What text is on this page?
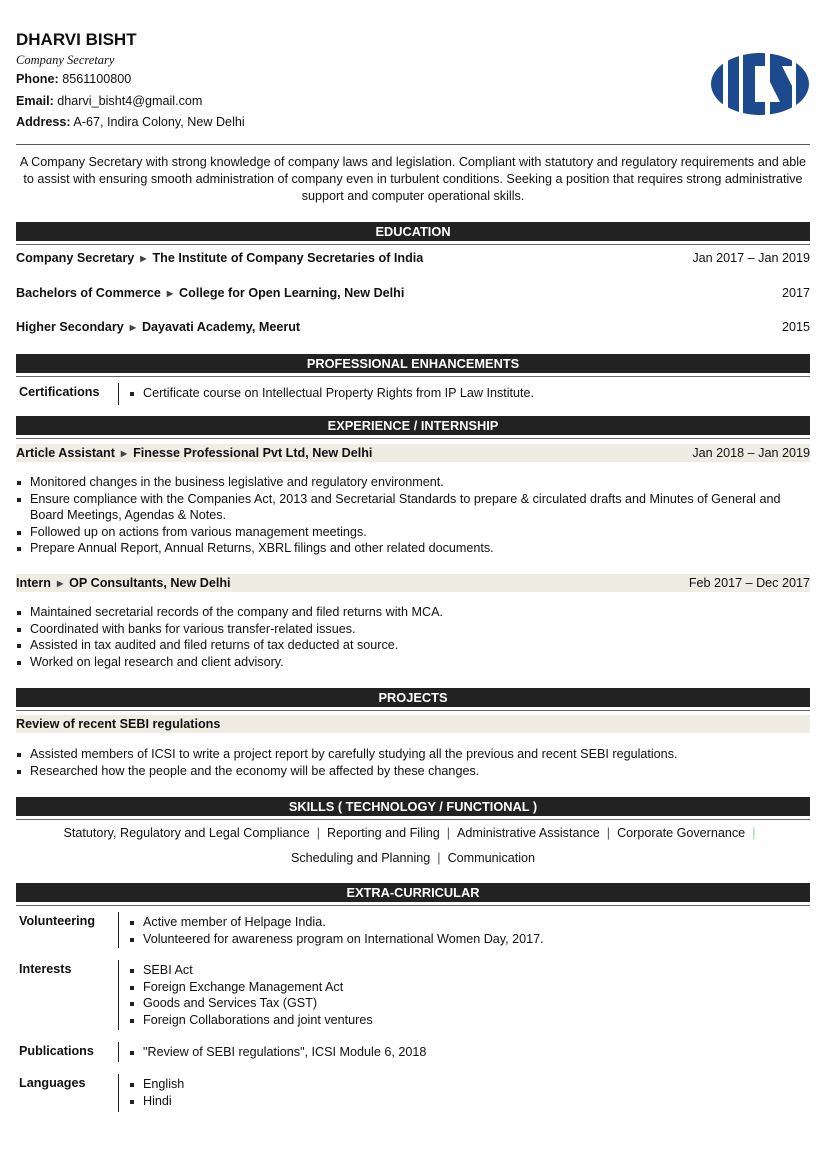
DHARVI BISHT
Company Secretary
Phone: 8561100800
Email: dharvi_bisht4@gmail.com
Address: A-67, Indira Colony, New Delhi
A Company Secretary with strong knowledge of company laws and legislation. Compliant with statutory and regulatory requirements and able to assist with ensuring smooth administration of company even in turbulent conditions. Seeking a position that requires strong administrative support and computer operational skills.
EDUCATION
Company Secretary ▶ The Institute of Company Secretaries of India	Jan 2017 – Jan 2019
Bachelors of Commerce ▶ College for Open Learning, New Delhi	2017
Higher Secondary ▶ Dayavati Academy, Meerut	2015
PROFESSIONAL ENHANCEMENTS
Certifications	Certificate course on Intellectual Property Rights from IP Law Institute.
EXPERIENCE / INTERNSHIP
Article Assistant ▶ Finesse Professional Pvt Ltd, New Delhi	Jan 2018 – Jan 2019
Monitored changes in the business legislative and regulatory environment.
Ensure compliance with the Companies Act, 2013 and Secretarial Standards to prepare & circulated drafts and Minutes of General and Board Meetings, Agendas & Notes.
Followed up on actions from various management meetings.
Prepare Annual Report, Annual Returns, XBRL filings and other related documents.
Intern ▶ OP Consultants, New Delhi	Feb 2017 – Dec 2017
Maintained secretarial records of the company and filed returns with MCA.
Coordinated with banks for various transfer-related issues.
Assisted in tax audited and filed returns of tax deducted at source.
Worked on legal research and client advisory.
PROJECTS
Review of recent SEBI regulations
Assisted members of ICSI to write a project report by carefully studying all the previous and recent SEBI regulations.
Researched how the people and the economy will be affected by these changes.
SKILLS ( TECHNOLOGY / FUNCTIONAL )
Statutory, Regulatory and Legal Compliance | Reporting and Filing | Administrative Assistance | Corporate Governance |
Scheduling and Planning | Communication
EXTRA-CURRICULAR
Volunteering	Active member of Helpage India.
Volunteered for awareness program on International Women Day, 2017.
Interests	SEBI Act
Foreign Exchange Management Act
Goods and Services Tax (GST)
Foreign Collaborations and joint ventures
Publications	"Review of SEBI regulations", ICSI Module 6, 2018
Languages	English
Hindi
